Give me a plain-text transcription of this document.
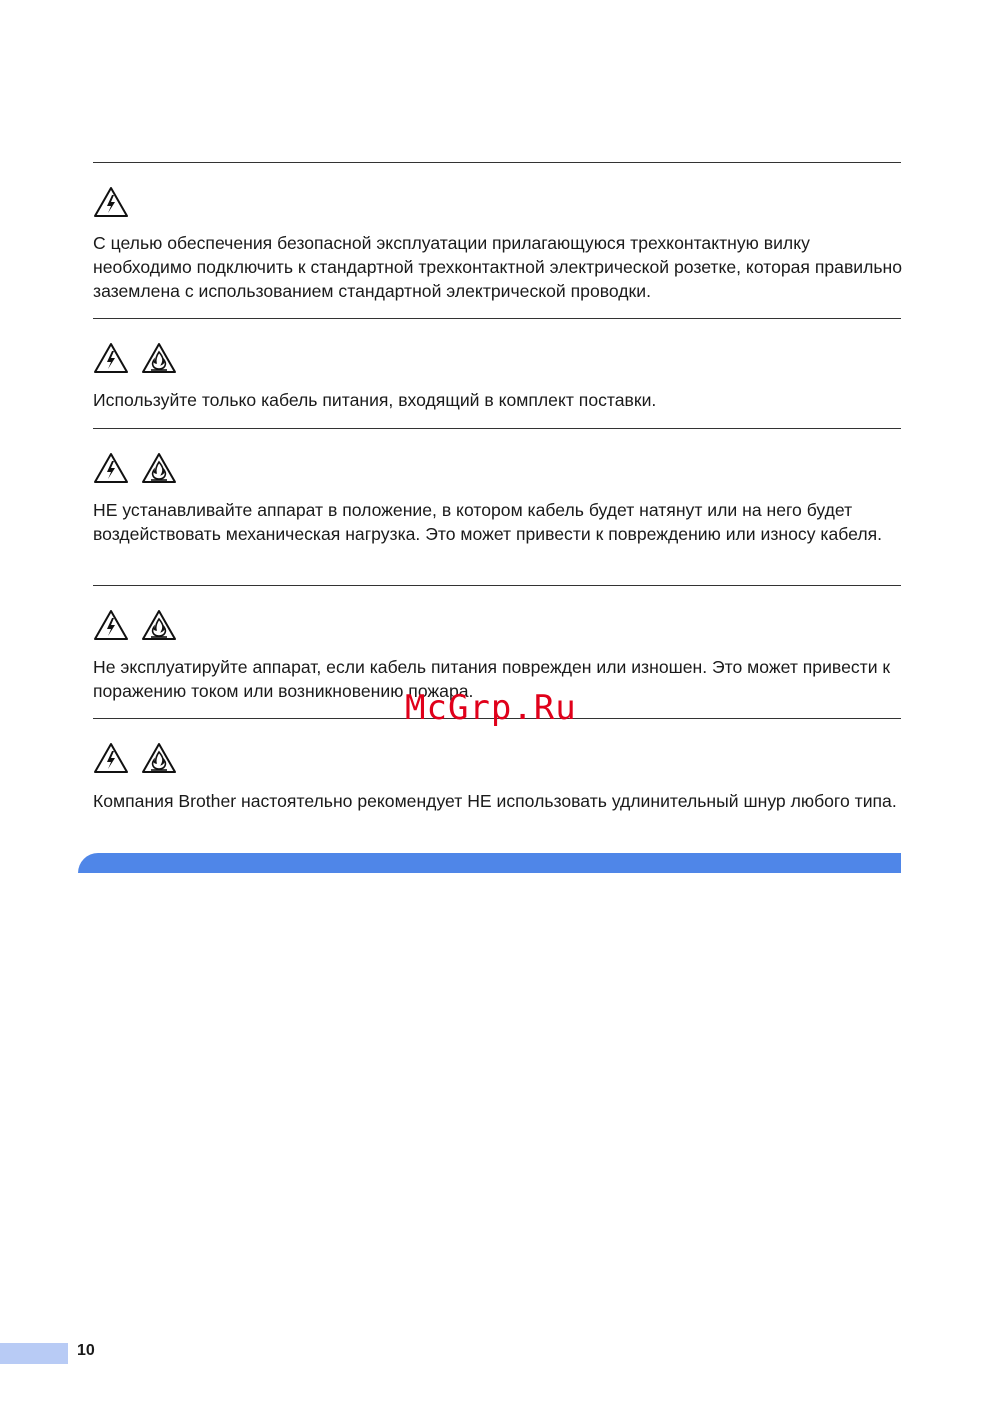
С целью обеспечения безопасной эксплуатации прилагающуюся трехконтактную вилку необходимо подключить к стандартной трехконтактной электрической розетке, которая правильно заземлена с использованием стандартной электрической проводки.

Используйте только кабель питания, входящий в комплект поставки.

НЕ устанавливайте аппарат в положение, в котором кабель будет натянут или на него будет воздействовать механическая нагрузка. Это может привести к повреждению или износу кабеля.

Не эксплуатируйте аппарат, если кабель питания поврежден или изношен. Это может привести к поражению током или возникновению пожара.

Компания Brother настоятельно рекомендует НЕ использовать удлинительный шнур любого типа.

McGrp.Ru
10
